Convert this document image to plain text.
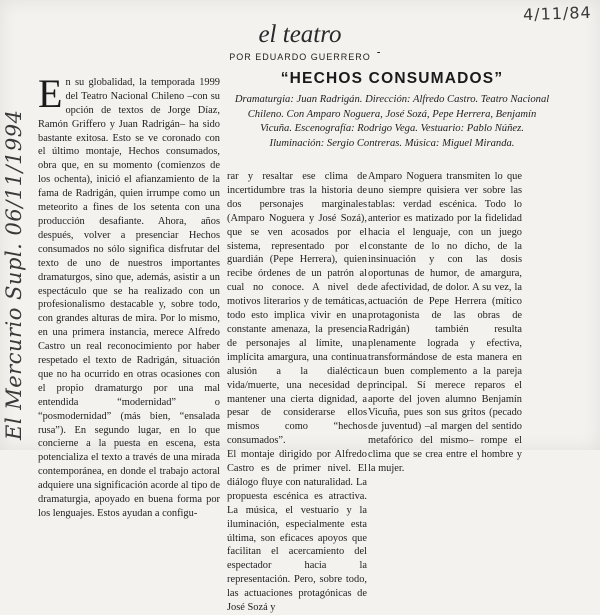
4/11/84
El Mercurio Supl. 06/11/1994
el teatro
POR EDUARDO GUERRERO
“HECHOS CONSUMADOS”
Dramaturgia: Juan Radrigán. Dirección: Alfredo Castro. Teatro Nacional Chileno. Con Amparo Noguera, José Sozá, Pepe Herrera, Benjamín Vicuña. Escenografía: Rodrigo Vega. Vestuario: Pablo Núñez. Iluminación: Sergio Contreras. Música: Miguel Miranda.

En su globalidad, la temporada 1999 del Teatro Nacional Chileno –con su opción de textos de Jorge Díaz, Ramón Griffero y Juan Radrigán– ha sido bastante exitosa. Esto se ve coronado con el último montaje, Hechos consumados, obra que, en su momento (comienzos de los ochenta), inició el afianzamiento de la fama de Radrigán, quien irrumpe como un meteorito a fines de los setenta con una producción desafiante. Ahora, años después, volver a presenciar Hechos consumados no sólo significa disfrutar del texto de uno de nuestros importantes dramaturgos, sino que, además, asistir a un espectáculo que se ha realizado con un profesionalismo destacable y, sobre todo, con grandes alturas de mira. Por lo mismo, en una primera instancia, merece Alfredo Castro un real reconocimiento por haber respetado el texto de Radrigán, situación que no ha ocurrido en otras ocasiones con el propio dramaturgo por una mal entendida “modernidad” o “posmodernidad” (más bien, “ensalada rusa”). En segundo lugar, en lo que concierne a la puesta en escena, esta potencializa el texto a través de una mirada contemporánea, en donde el trabajo actoral adquiere una significación acorde al tipo de dramaturgia, apoyado en buena forma por los lenguajes. Estos ayudan a configu-

rar y resaltar ese clima de incertidumbre tras la historia de dos personajes marginales (Amparo Noguera y José Sozá), que se ven acosados por el sistema, representado por el guardián (Pepe Herrera), quien recibe órdenes de un patrón al cual no conoce. A nivel de motivos literarios y de temáticas, todo esto implica vivir en una constante amenaza, la presencia de personajes al límite, una implícita amargura, una continua alusión a la dialéctica vida/muerte, una necesidad de mantener una cierta dignidad, a pesar de considerarse ellos mismos como “hechos consumados”.
El montaje dirigido por Alfredo Castro es de primer nivel. El diálogo fluye con naturalidad. La propuesta escénica es atractiva. La música, el vestuario y la iluminación, especialmente esta última, son eficaces apoyos que facilitan el acercamiento del espectador hacia la representación. Pero, sobre todo, las actuaciones protagónicas de José Sozá y
Amparo Noguera transmiten lo que uno siempre quisiera ver sobre las tablas: verdad escénica. Todo lo anterior es matizado por la fidelidad hacia el lenguaje, con un juego constante de lo no dicho, de la insinuación y con las dosis oportunas de humor, de amargura, de afectividad, de dolor. A su vez, la actuación de Pepe Herrera (mítico protagonista de las obras de Radrigán) también resulta plenamente lograda y efectiva, transformándose de esta manera en un buen complemento a la pareja principal. Sí merece reparos el aporte del joven alumno Benjamín Vicuña, pues son sus gritos (pecado de juventud) –al margen del sentido metafórico del mismo– rompe el clima que se crea entre el hombre y la mujer.
